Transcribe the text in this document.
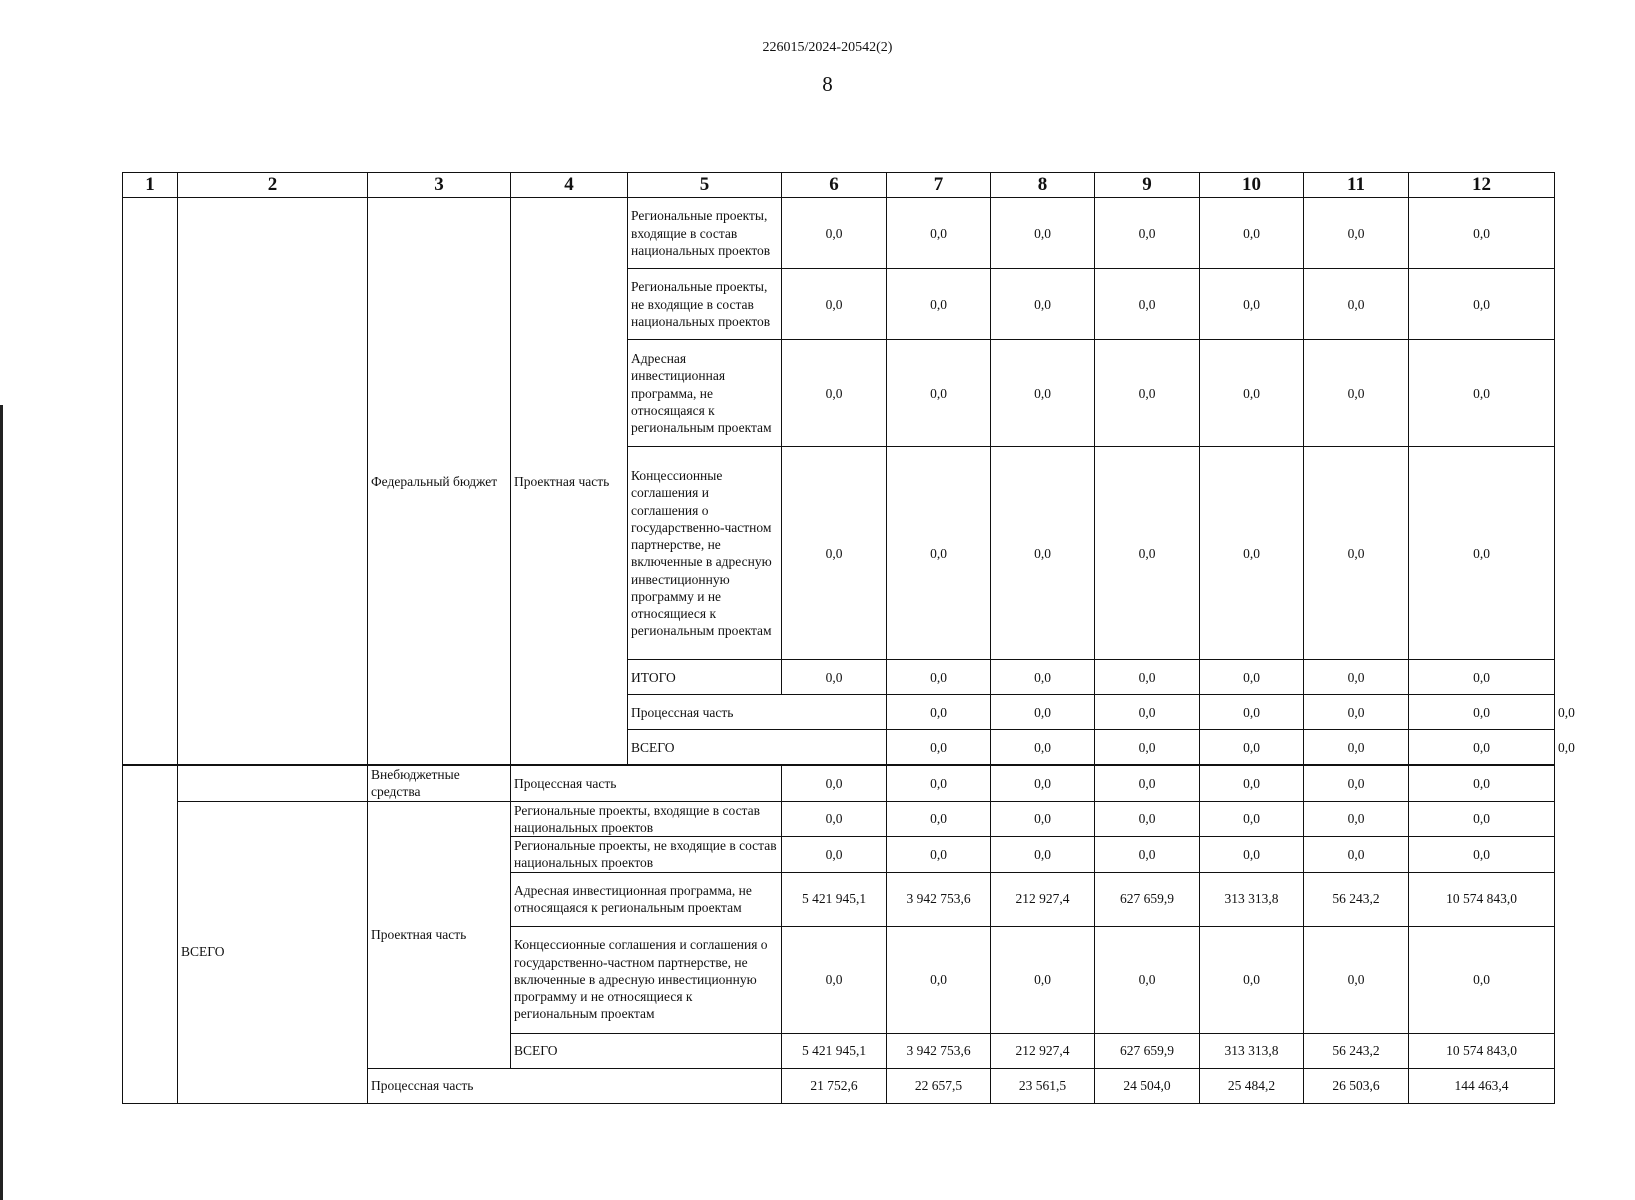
226015/2024-20542(2)
8
1	2	3	4	5	6	7	8	9	10	11	12	
		Федеральный бюджет	Проектная часть	Региональные проекты, входящие в состав национальных проектов	0,0	0,0	0,0	0,0	0,0	0,0	0,0	
				Региональные проекты, не входящие в состав национальных проектов	0,0	0,0	0,0	0,0	0,0	0,0	0,0	
				Адресная инвестиционная программа, не относящаяся к региональным проектам	0,0	0,0	0,0	0,0	0,0	0,0	0,0	
				Концессионные соглашения и соглашения о государственно-частном партнерстве, не включенные в адресную инвестиционную программу и не относящиеся к региональным проектам	0,0	0,0	0,0	0,0	0,0	0,0	0,0	
				ИТОГО	0,0	0,0	0,0	0,0	0,0	0,0	0,0	
				Процессная часть		0,0	0,0	0,0	0,0	0,0	0,0	0,0
				ВСЕГО		0,0	0,0	0,0	0,0	0,0	0,0	0,0
		Внебюджетные средства	Процессная часть	0,0	0,0	0,0	0,0	0,0	0,0	0,0
	ВСЕГО	Проектная часть	Региональные проекты, входящие в состав национальных проектов	0,0	0,0	0,0	0,0	0,0	0,0	0,0
			Региональные проекты, не входящие в состав национальных проектов	0,0	0,0	0,0	0,0	0,0	0,0	0,0
			Адресная инвестиционная программа, не относящаяся к региональным проектам	5 421 945,1	3 942 753,6	212 927,4	627 659,9	313 313,8	56 243,2	10 574 843,0
			Концессионные соглашения и соглашения о государственно-частном партнерстве, не включенные в адресную инвестиционную программу и не относящиеся к региональным проектам	0,0	0,0	0,0	0,0	0,0	0,0	0,0
			ВСЕГО	5 421 945,1	3 942 753,6	212 927,4	627 659,9	313 313,8	56 243,2	10 574 843,0
		Процессная часть		21 752,6	22 657,5	23 561,5	24 504,0	25 484,2	26 503,6	144 463,4
